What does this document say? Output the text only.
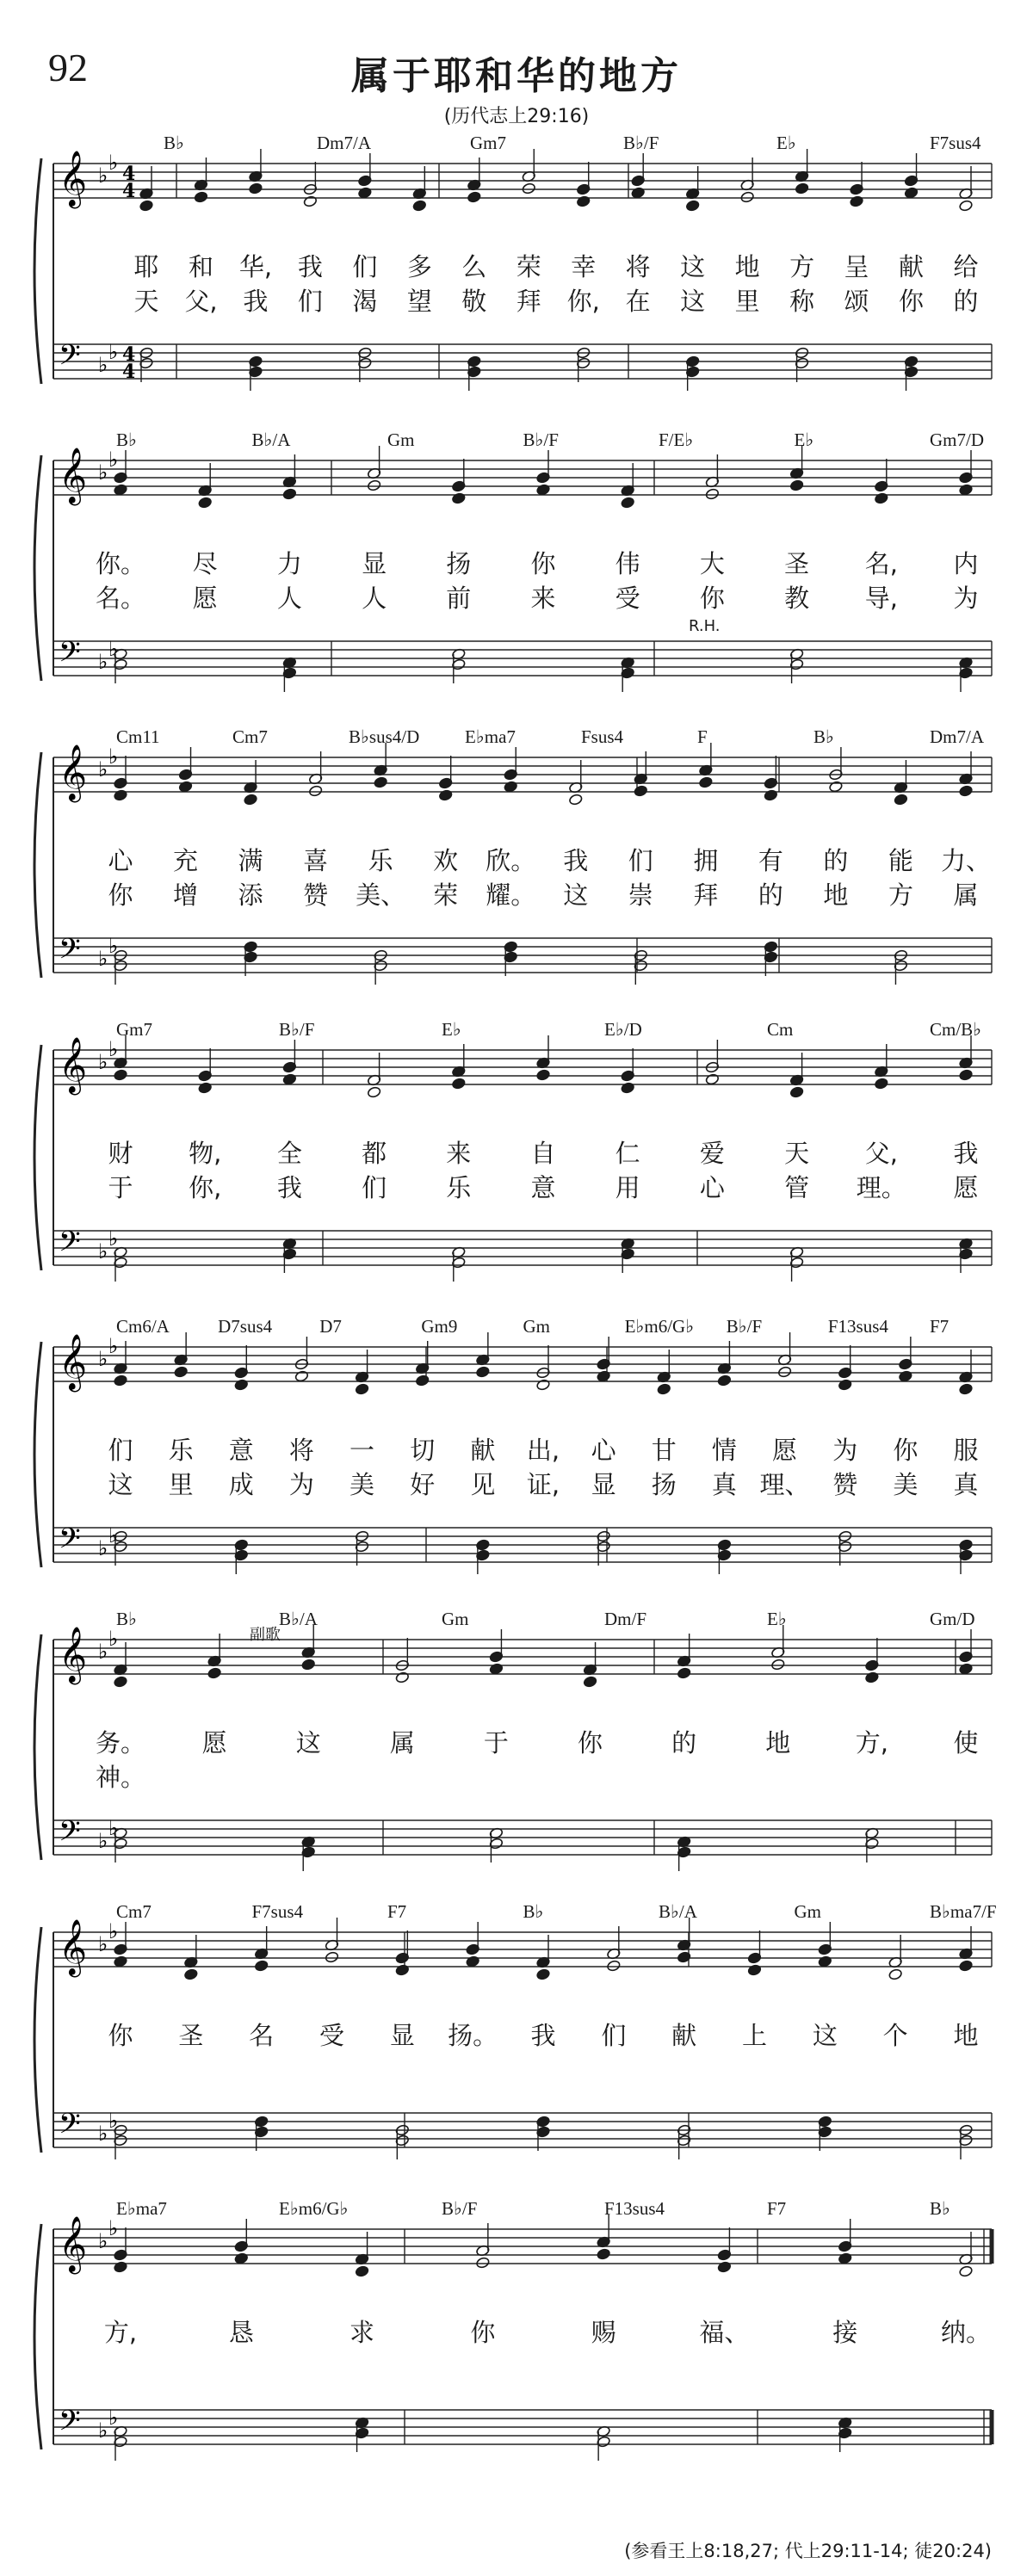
92	属于耶和华的地方
(历代志上29:16)
𝄞
𝄢
♭
♭
♭
♭
4
4
4
4
B♭	Dm7/A	Gm7	B♭/F	E♭	F7sus4
耶 和 华, 我 们 多 么 荣 幸 将 这 地 方 呈 献 给
天 父, 我 们 渴 望 敬 拜 你, 在 这 里 称 颂 你 的
𝄞
𝄢
♭
♭
♭
♭
B♭	B♭/A	Gm	B♭/F	F/E♭	E♭	Gm7/D
你。 尽 力 显 扬 你 伟 大 圣 名, 内
名。 愿 人 人 前 来 受 你 教 导, 为
R.H.
𝄞
𝄢
♭
♭
♭
♭
Cm11	Cm7	B♭sus4/D	E♭ma7	Fsus4	F	B♭	Dm7/A
心 充 满 喜 乐 欢 欣。 我 们 拥 有 的 能 力、
你 增 添 赞 美、 荣 耀。 这 崇 拜 的 地 方 属
𝄞
𝄢
♭
♭
♭
♭
Gm7	B♭/F	E♭	E♭/D	Cm	Cm/B♭
财 物, 全 都 来 自 仁 爱 天 父, 我
于 你, 我 们 乐 意 用 心 管 理。 愿
𝄞
𝄢
♭
♭
♭
♭
Cm6/A	D7sus4	D7	Gm9	Gm	E♭m6/G♭ B♭/F	F13sus4 F7
们 乐 意 将 一 切 献 出, 心 甘 情 愿 为 你 服
这 里 成 为 美 好 见 证, 显 扬 真 理、 赞 美 真
𝄞
𝄢
♭
♭
♭
♭
B♭	B♭/A	Gm	Dm/F	E♭	Gm/D
务。 愿	这	属	于	你	的	地	方,	使
神。
副歌
𝄞
𝄢
♭
♭
♭
♭
Cm7	F7sus4	F7	B♭	B♭/A	Gm	B♭ma7/F
你 圣 名 受 显 扬。 我 们 献 上 这 个 地
𝄞
𝄢
♭
♭
♭
♭
E♭ma7	E♭m6/G♭	B♭/F	F13sus4	F7	B♭
方,	恳	求	你	赐	福、	接	纳。
(参看王上8:18,27; 代上29:11-14; 徒20:24)
